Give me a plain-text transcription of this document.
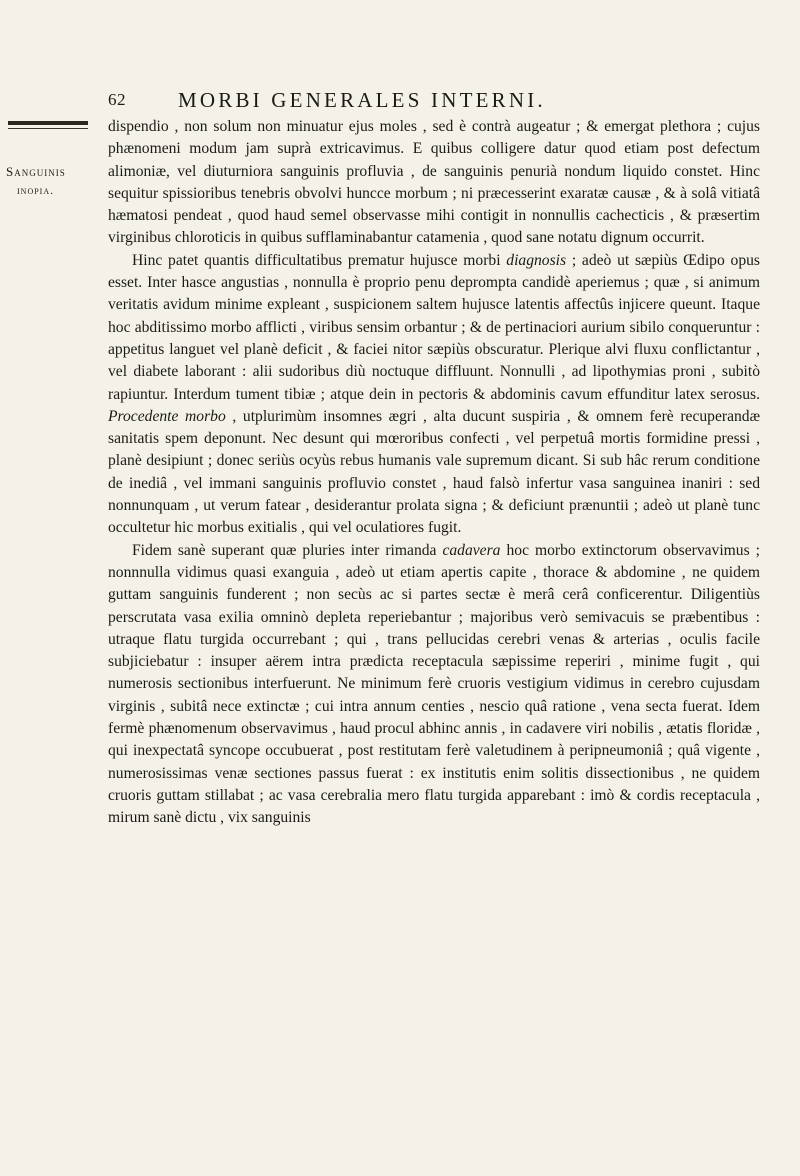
62 MORBI GENERALES INTERNI.
Sanguinis
inopia.

dispendio , non solum non minuatur ejus moles , sed è contrà augeatur ; & emergat plethora ; cujus phænomeni modum jam suprà extricavimus. E quibus colligere datur quod etiam post defectum alimoniæ, vel diuturniora sanguinis profluvia , de sanguinis penurià nondum liquido constet. Hinc sequitur spissioribus tenebris obvolvi huncce morbum ; ni præcesserint exaratæ causæ , & à solâ vitiatâ hæmatosi pendeat , quod haud semel observasse mihi contigit in nonnullis cachecticis , & præsertim virginibus chloroticis in quibus sufflaminabantur catamenia , quod sane notatu dignum occurrit.

Hinc patet quantis difficultatibus prematur hujusce morbi diagnosis ; adeò ut sæpiùs Œdipo opus esset. Inter hasce angustias , nonnulla è proprio penu deprompta candidè aperiemus ; quæ , si animum veritatis avidum minime expleant , suspicionem saltem hujusce latentis affectûs injicere queunt. Itaque hoc abditissimo morbo afflicti , viribus sensim orbantur ; & de pertinaciori aurium sibilo conqueruntur : appetitus languet vel planè deficit , & faciei nitor sæpiùs obscuratur. Plerique alvi fluxu conflictantur , vel diabete laborant : alii sudoribus diù noctuque diffluunt. Nonnulli , ad lipothymias proni , subitò rapiuntur. Interdum tument tibiæ ; atque dein in pectoris & abdominis cavum effunditur latex serosus. Procedente morbo , utplurimùm insomnes ægri , alta ducunt suspiria , & omnem ferè recuperandæ sanitatis spem deponunt. Nec desunt qui mœroribus confecti , vel perpetuâ mortis formidine pressi , planè desipiunt ; donec seriùs ocyùs rebus humanis vale supremum dicant. Si sub hâc rerum conditione de inediâ , vel immani sanguinis profluvio constet , haud falsò infertur vasa sanguinea inaniri : sed nonnunquam , ut verum fatear , desiderantur prolata signa ; & deficiunt prænuntii ; adeò ut planè tunc occultetur hic morbus exitialis , qui vel oculatiores fugit.

Fidem sanè superant quæ pluries inter rimanda cadavera hoc morbo extinctorum observavimus ; nonnnulla vidimus quasi exanguia , adeò ut etiam apertis capite , thorace & abdomine , ne quidem guttam sanguinis funderent ; non secùs ac si partes sectæ è merâ cerâ conficerentur. Diligentiùs perscrutata vasa exilia omninò depleta reperiebantur ; majoribus verò semivacuis se præbentibus : utraque flatu turgida occurrebant ; qui , trans pellucidas cerebri venas & arterias , oculis facile subjiciebatur : insuper aërem intra prædicta receptacula sæpissime reperiri , minime fugit , qui numerosis sectionibus interfuerunt. Ne minimum ferè cruoris vestigium vidimus in cerebro cujusdam virginis , subitâ nece extinctæ ; cui intra annum centies , nescio quâ ratione , vena secta fuerat. Idem fermè phænomenum observavimus , haud procul abhinc annis , in cadavere viri nobilis , ætatis floridæ , qui inexpectatâ syncope occubuerat , post restitutam ferè valetudinem à peripneumoniâ ; quâ vigente , numerosissimas venæ sectiones passus fuerat : ex institutis enim solitis dissectionibus , ne quidem cruoris guttam stillabat ; ac vasa cerebralia mero flatu turgida apparebant : imò & cordis receptacula , mirum sanè dictu , vix sanguinis
